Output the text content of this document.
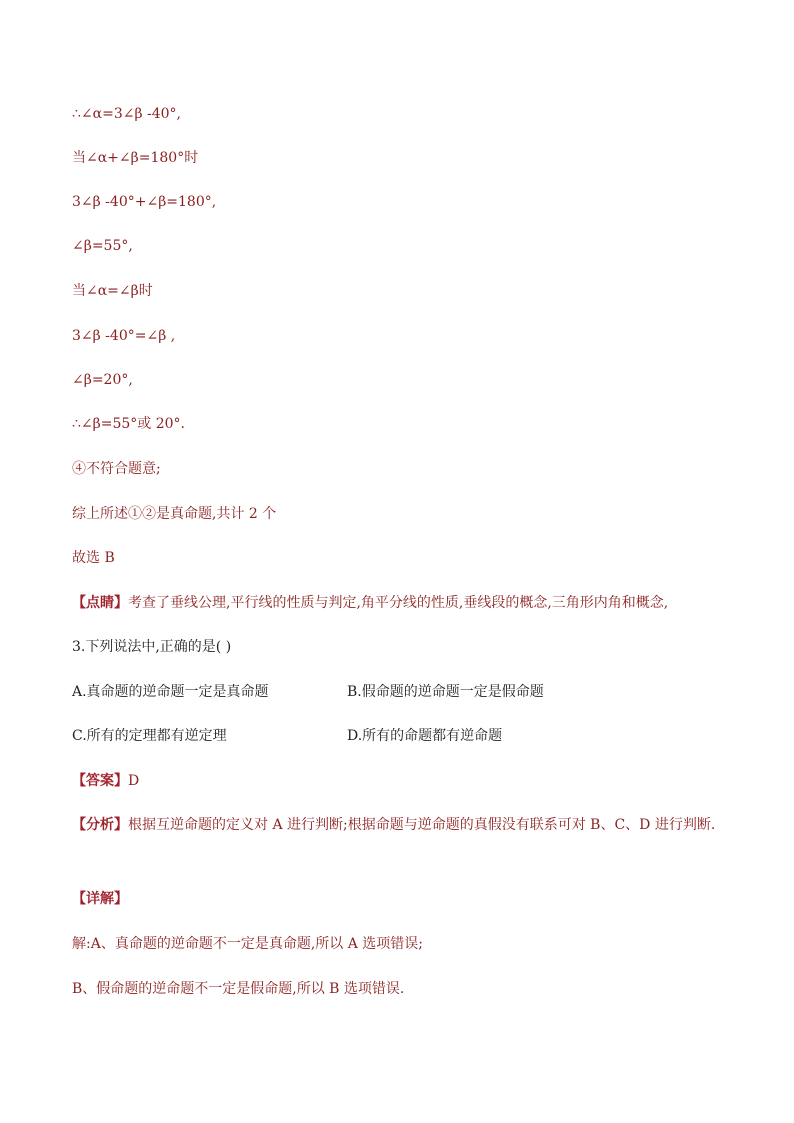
∴∠α=3∠β -40°,
当∠α+∠β=180°时
3∠β -40°+∠β=180°,
∠β=55°,
当∠α=∠β时
3∠β -40°=∠β ,
∠β=20°,
∴∠β=55°或 20°.
④不符合题意;
综上所述①②是真命题,共计 2 个
故选 B
【点睛】考查了垂线公理,平行线的性质与判定,角平分线的性质,垂线段的概念,三角形内角和概念,
3.下列说法中,正确的是( )
A.真命题的逆命题一定是真命题	B.假命题的逆命题一定是假命题
C.所有的定理都有逆定理	D.所有的命题都有逆命题
【答案】D
【分析】根据互逆命题的定义对 A 进行判断;根据命题与逆命题的真假没有联系可对 B、C、D 进行判断.
【详解】
解:A、真命题的逆命题不一定是真命题,所以 A 选项错误;
B、假命题的逆命题不一定是假命题,所以 B 选项错误.
